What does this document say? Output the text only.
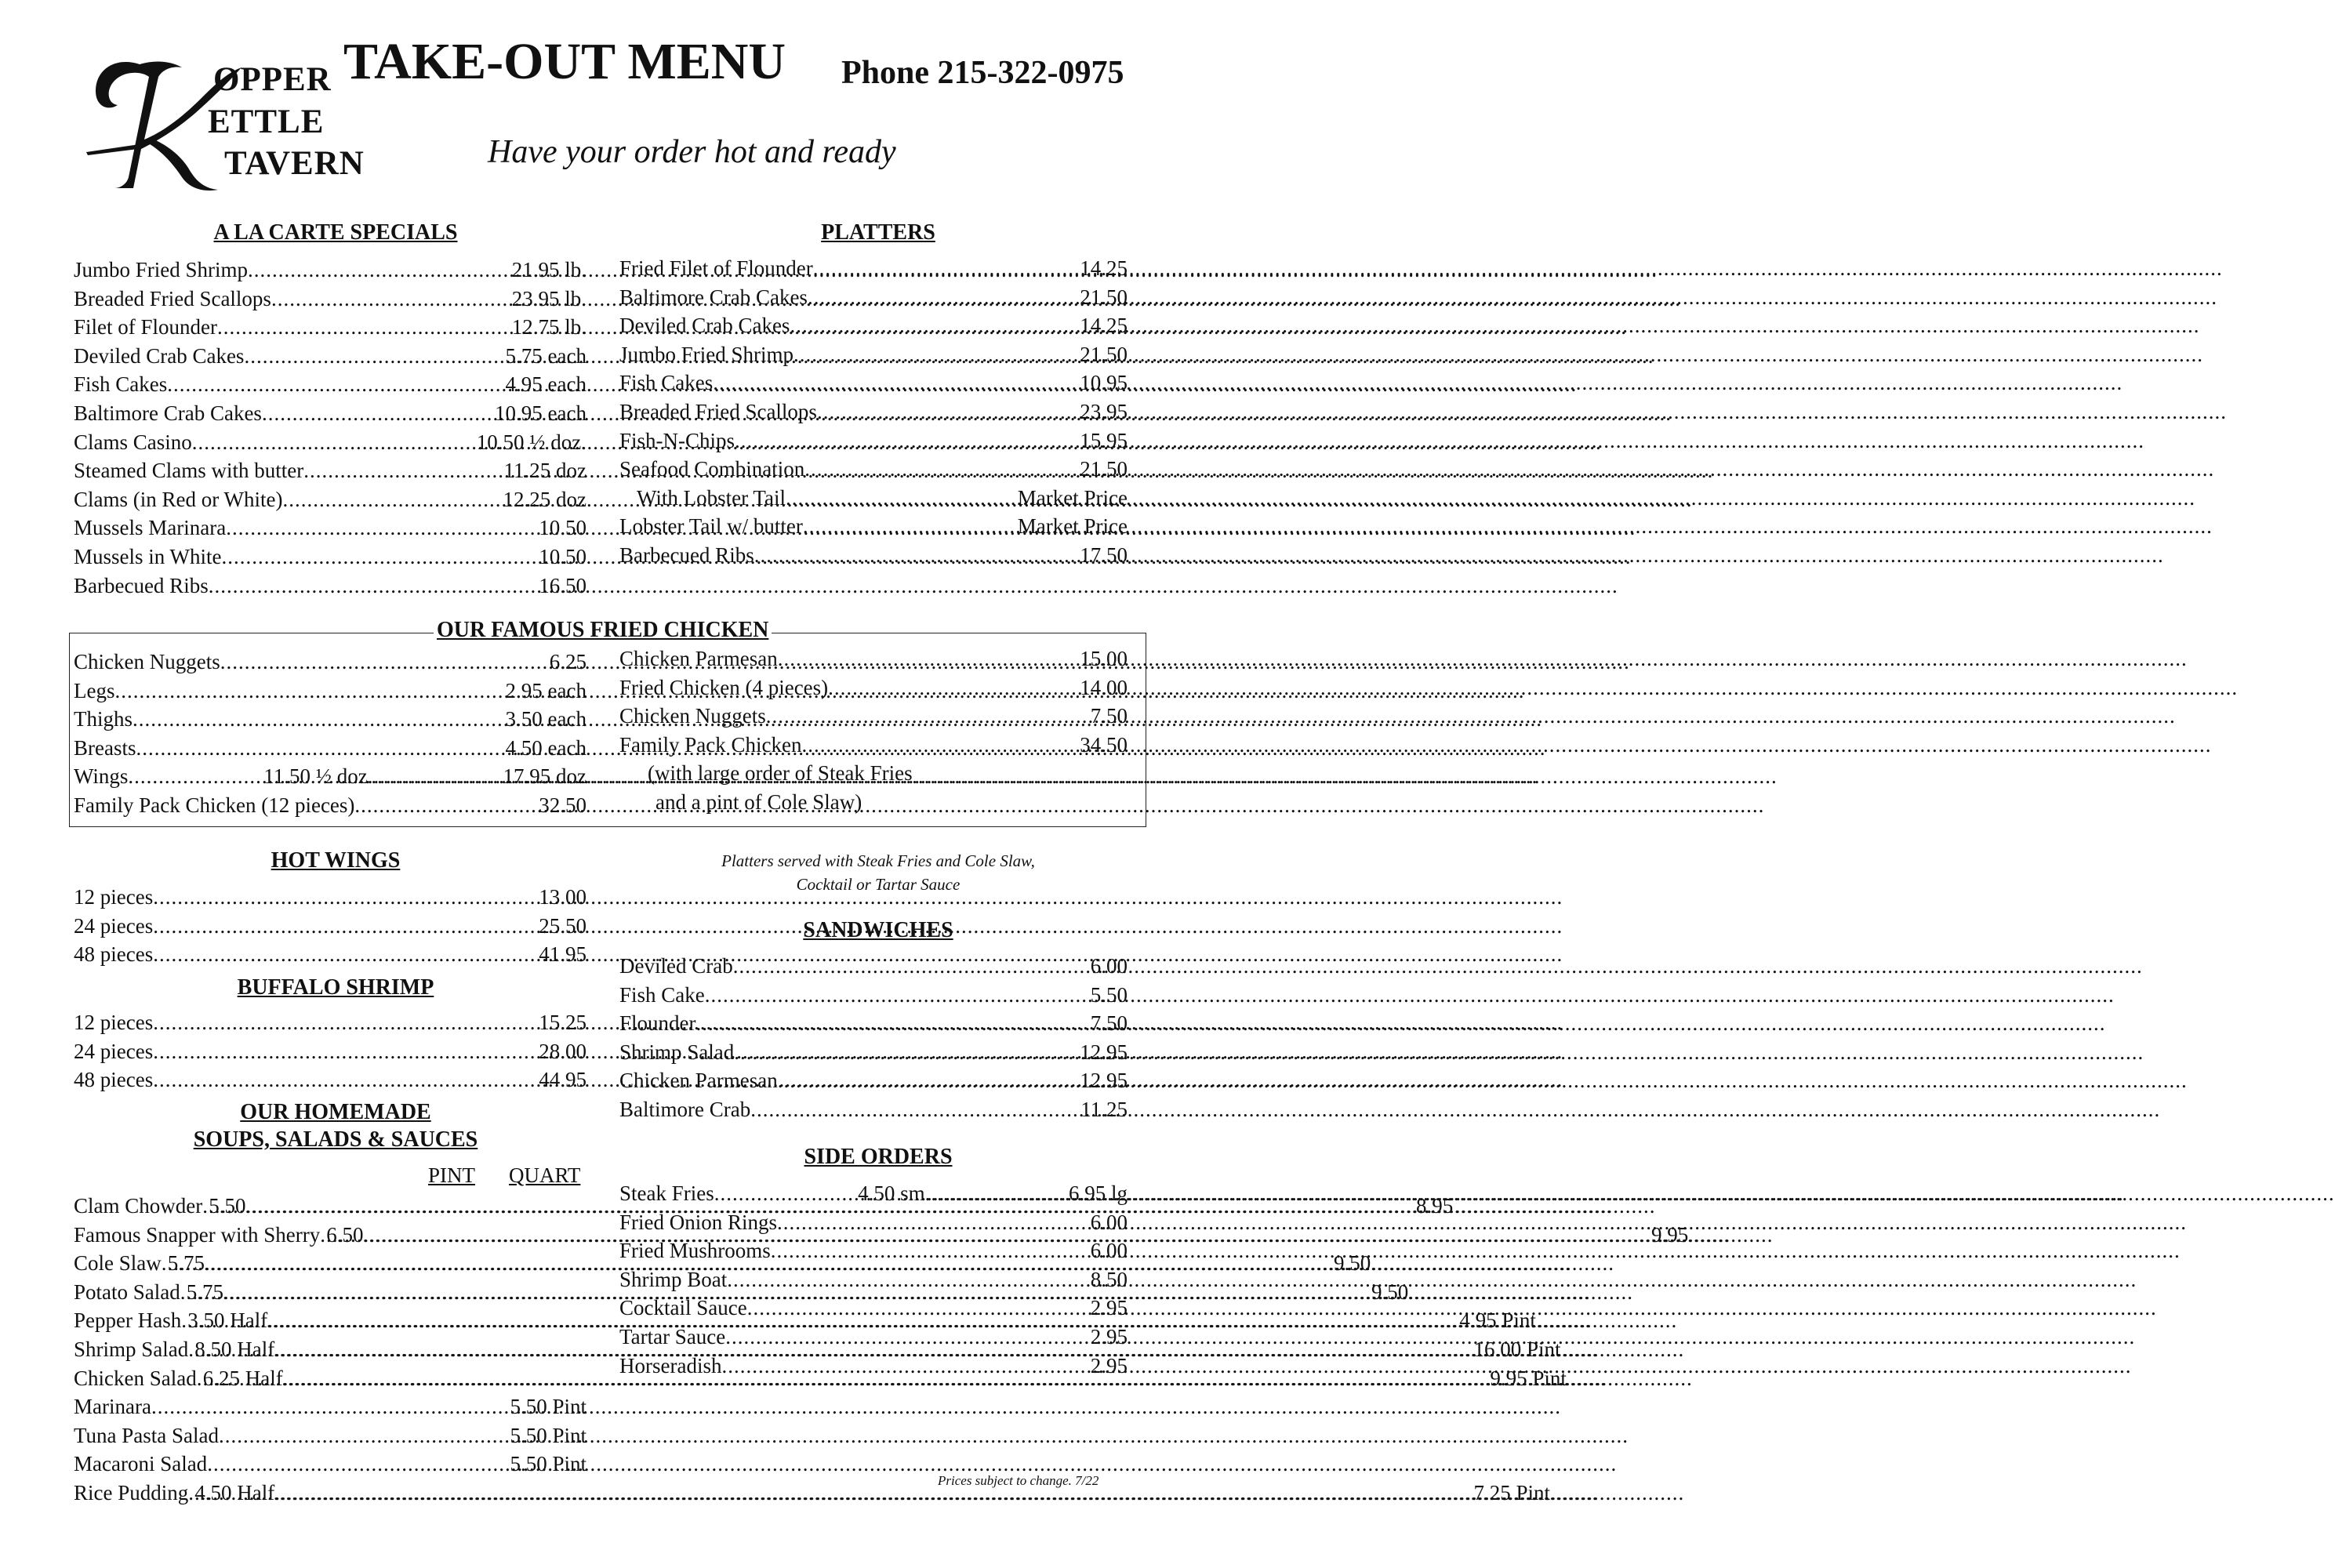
OPPER
ETTLE
TAVERN
TAKE-OUT MENU Phone 215-322-0975
Have your order hot and ready
A LA CARTE SPECIALS
Jumbo Fried Shrimp .....	21.95 lb.
Breaded Fried Scallops .....	23.95 lb.
Filet of Flounder .....	12.75 lb.
Deviled Crab Cakes .....	5.75 each
Fish Cakes .....	4.95 each
Baltimore Crab Cakes .....	10.95 each
Clams Casino .....	10.50 ½ doz.
Steamed Clams with butter .....	11.25 doz
Clams (in Red or White) .....	12.25 doz
Mussels Marinara .....	10.50
Mussels in White .....	10.50
Barbecued Ribs .....	16.50
PLATTERS
Fried Filet of Flounder .....	14.25
Baltimore Crab Cakes .....	21.50
Deviled Crab Cakes .....	14.25
Jumbo Fried Shrimp .....	21.50
Fish Cakes .....	10.95
Breaded Fried Scallops .....	23.95
Fish-N-Chips .....	15.95
Seafood Combination .....	21.50
With Lobster Tail .....	Market Price
Lobster Tail w/ butter .....	Market Price
Barbecued Ribs .....	17.50
OUR FAMOUS FRIED CHICKEN
Chicken Nuggets .....	6.25
Legs .....	2.95 each
Thighs .....	3.50 each
Breasts .....	4.50 each
Wings .....	11.50 ½ doz .....	17.95 doz
Family Pack Chicken (12 pieces) .....	32.50
Chicken Parmesan .....	15.00
Fried Chicken (4 pieces) .....	14.00
Chicken Nuggets .....	7.50
Family Pack Chicken .....	34.50
(with large order of Steak Fries
and a pint of Cole Slaw)
HOT WINGS
12 pieces .....	13.00
24 pieces .....	25.50
48 pieces .....	41.95
BUFFALO SHRIMP
12 pieces .....	15.25
24 pieces .....	28.00
48 pieces .....	44.95
OUR HOMEMADE
SOUPS, SALADS & SAUCES
PINT QUART
Clam Chowder ..... 5.50 .....	8.95
Famous Snapper with Sherry ..... 6.50 .....	9.95
Cole Slaw ..... 5.75 .....	9.50
Potato Salad ..... 5.75 .....	9.50
Pepper Hash ..... 3.50 Half .....	4.95 Pint
Shrimp Salad ..... 8.50 Half .....	16.00 Pint
Chicken Salad ..... 6.25 Half .....	9.95 Pint
Marinara .....	5.50 Pint
Tuna Pasta Salad .....	5.50 Pint
Macaroni Salad .....	5.50 Pint
Rice Pudding ..... 4.50 Half .....	7.25 Pint
Platters served with Steak Fries and Cole Slaw,
Cocktail or Tartar Sauce
SANDWICHES
Deviled Crab .....	6.00
Fish Cake .....	5.50
Flounder .....	7.50
Shrimp Salad .....	12.95
Chicken Parmesan .....	12.95
Baltimore Crab .....	11.25
SIDE ORDERS
Steak Fries .....	4.50 sm .....	6.95 lg
Fried Onion Rings .....	6.00
Fried Mushrooms .....	6.00
Shrimp Boat .....	8.50
Cocktail Sauce .....	2.95
Tartar Sauce .....	2.95
Horseradish .....	2.95
Prices subject to change. 7/22
